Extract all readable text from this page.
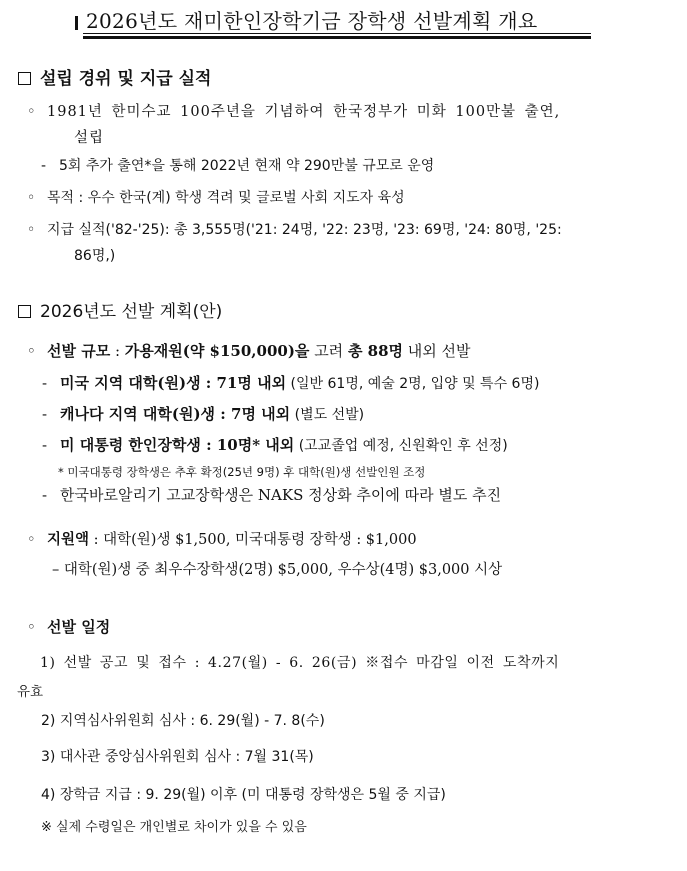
2026년도 재미한인장학기금 장학생 선발계획 개요
설립 경위 및 지급 실적
◦ 1981년 한미수교 100주년을 기념하여 한국정부가 미화 100만불 출연,
설립
- 5회 추가 출연*을 통해 2022년 현재 약 290만불 규모로 운영
◦ 목적 : 우수 한국(계) 학생 격려 및 글로벌 사회 지도자 육성
◦ 지급 실적('82-'25): 총 3,555명('21: 24명, '22: 23명, '23: 69명, '24: 80명, '25:
86명,)
2026년도 선발 계획(안)
◦ 선발 규모 : 가용재원(약 $150,000)을 고려 총 88명 내외 선발
- 미국 지역 대학(원)생 : 71명 내외 (일반 61명, 예술 2명, 입양 및 특수 6명)
- 캐나다 지역 대학(원)생 : 7명 내외 (별도 선발)
- 미 대통령 한인장학생 : 10명* 내외 (고교졸업 예정, 신원확인 후 선정)
* 미국대통령 장학생은 추후 확정(25년 9명) 후 대학(원)생 선발인원 조정
- 한국바로알리기 고교장학생은 NAKS 정상화 추이에 따라 별도 추진
◦ 지원액 : 대학(원)생 $1,500, 미국대통령 장학생 : $1,000
– 대학(원)생 중 최우수장학생(2명) $5,000, 우수상(4명) $3,000 시상
◦ 선발 일정
1) 선발 공고 및 접수 : 4.27(월) - 6. 26(금) ※접수 마감일 이전 도착까지
유효
2) 지역심사위원회 심사 : 6. 29(월) - 7. 8(수)
3) 대사관 중앙심사위원회 심사 : 7월 31(목)
4) 장학금 지급 : 9. 29(월) 이후 (미 대통령 장학생은 5월 중 지급)
※ 실제 수령일은 개인별로 차이가 있을 수 있음
